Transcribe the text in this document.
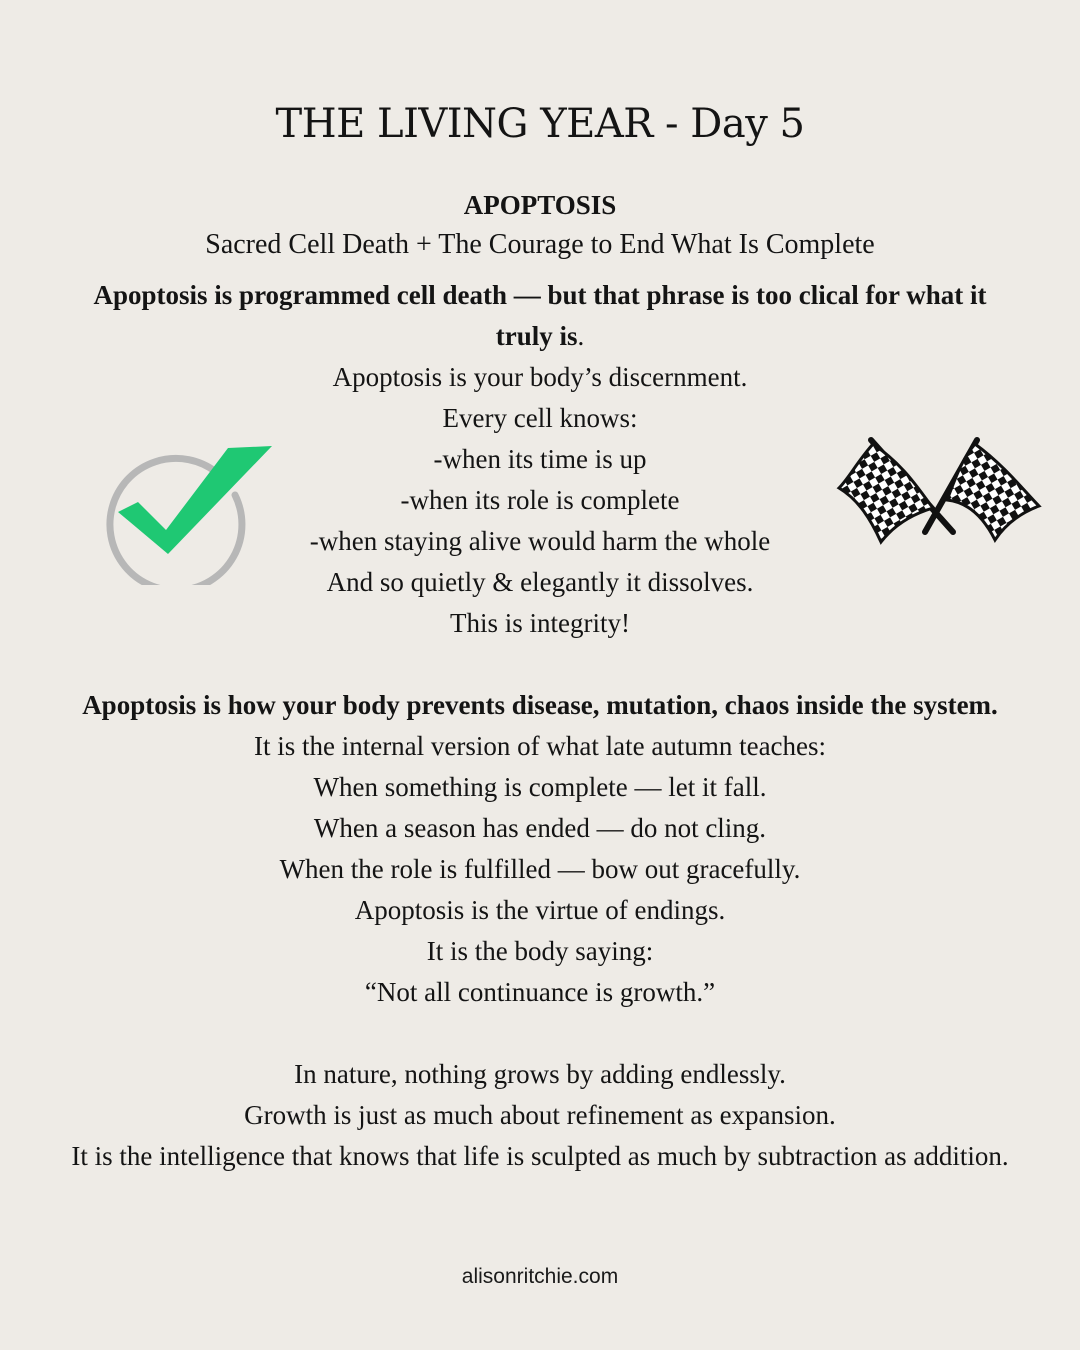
THE LIVING YEAR - Day 5

APOPTOSIS

Sacred Cell Death + The Courage to End What Is Complete

Apoptosis is programmed cell death — but that phrase is too clical for what it truly is.

Apoptosis is your body’s discernment.

Every cell knows:

-when its time is up

-when its role is complete

-when staying alive would harm the whole

And so quietly & elegantly it dissolves.

This is integrity!

Apoptosis is how your body prevents disease, mutation, chaos inside the system.

It is the internal version of what late autumn teaches:

When something is complete — let it fall.

When a season has ended — do not cling.

When the role is fulfilled — bow out gracefully.

Apoptosis is the virtue of endings.

It is the body saying:

“Not all continuance is growth.”

In nature, nothing grows by adding endlessly.

Growth is just as much about refinement as expansion.

It is the intelligence that knows that life is sculpted as much by subtraction as addition.

alisonritchie.com
